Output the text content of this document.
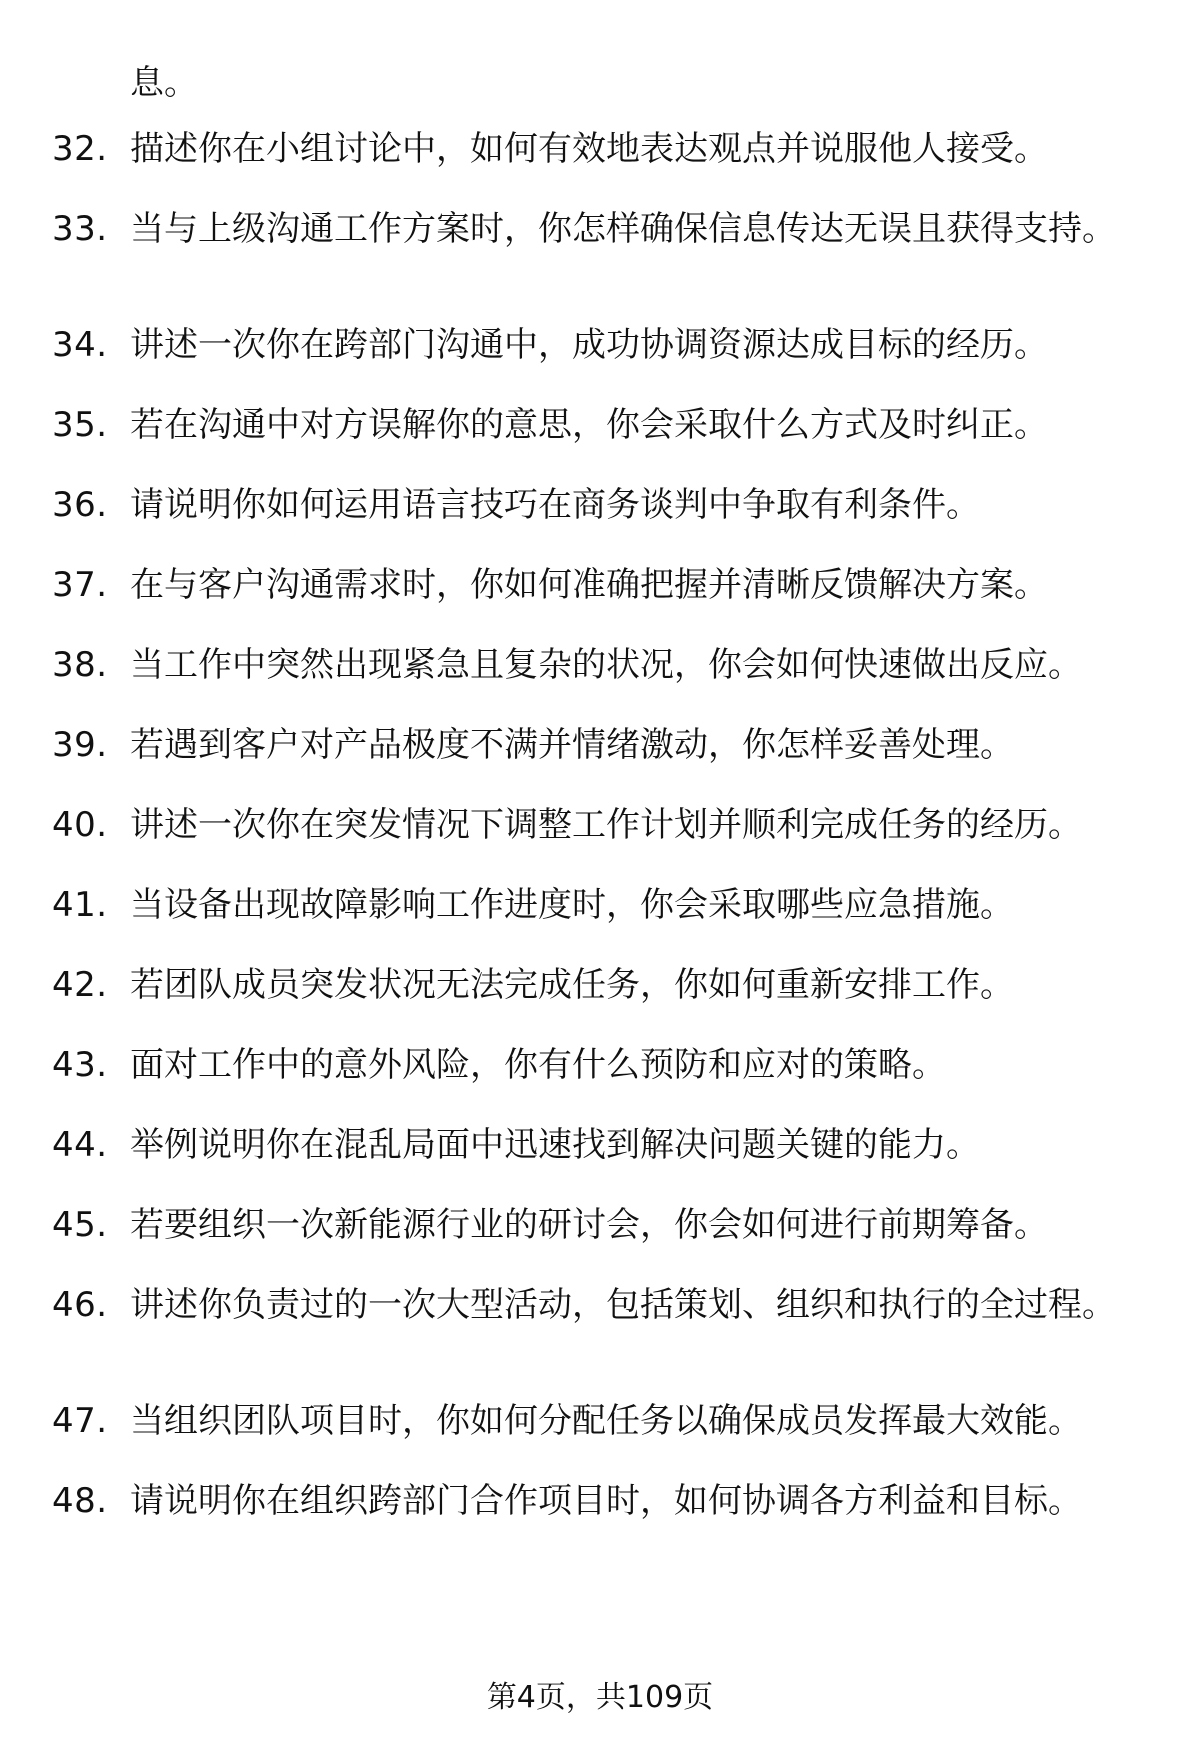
​
息。
32. 描述你在小组讨论中，如何有效地表达观点并说服他人接受。
33. 当与上级沟通工作方案时，你怎样确保信息传达无误且获得支持。
34. 讲述一次你在跨部门沟通中，成功协调资源达成目标的经历。
35. 若在沟通中对方误解你的意思，你会采取什么方式及时纠正。
36. 请说明你如何运用语言技巧在商务谈判中争取有利条件。
37. 在与客户沟通需求时，你如何准确把握并清晰反馈解决方案。
38. 当工作中突然出现紧急且复杂的状况，你会如何快速做出反应。
39. 若遇到客户对产品极度不满并情绪激动，你怎样妥善处理。
40. 讲述一次你在突发情况下调整工作计划并顺利完成任务的经历。
41. 当设备出现故障影响工作进度时，你会采取哪些应急措施。
42. 若团队成员突发状况无法完成任务，你如何重新安排工作。
43. 面对工作中的意外风险，你有什么预防和应对的策略。
44. 举例说明你在混乱局面中迅速找到解决问题关键的能力。
45. 若要组织一次新能源行业的研讨会，你会如何进行前期筹备。
46. 讲述你负责过的一次大型活动，包括策划、组织和执行的全过程。
47. 当组织团队项目时，你如何分配任务以确保成员发挥最大效能。
48. 请说明你在组织跨部门合作项目时，如何协调各方利益和目标。
第4页，共109页
